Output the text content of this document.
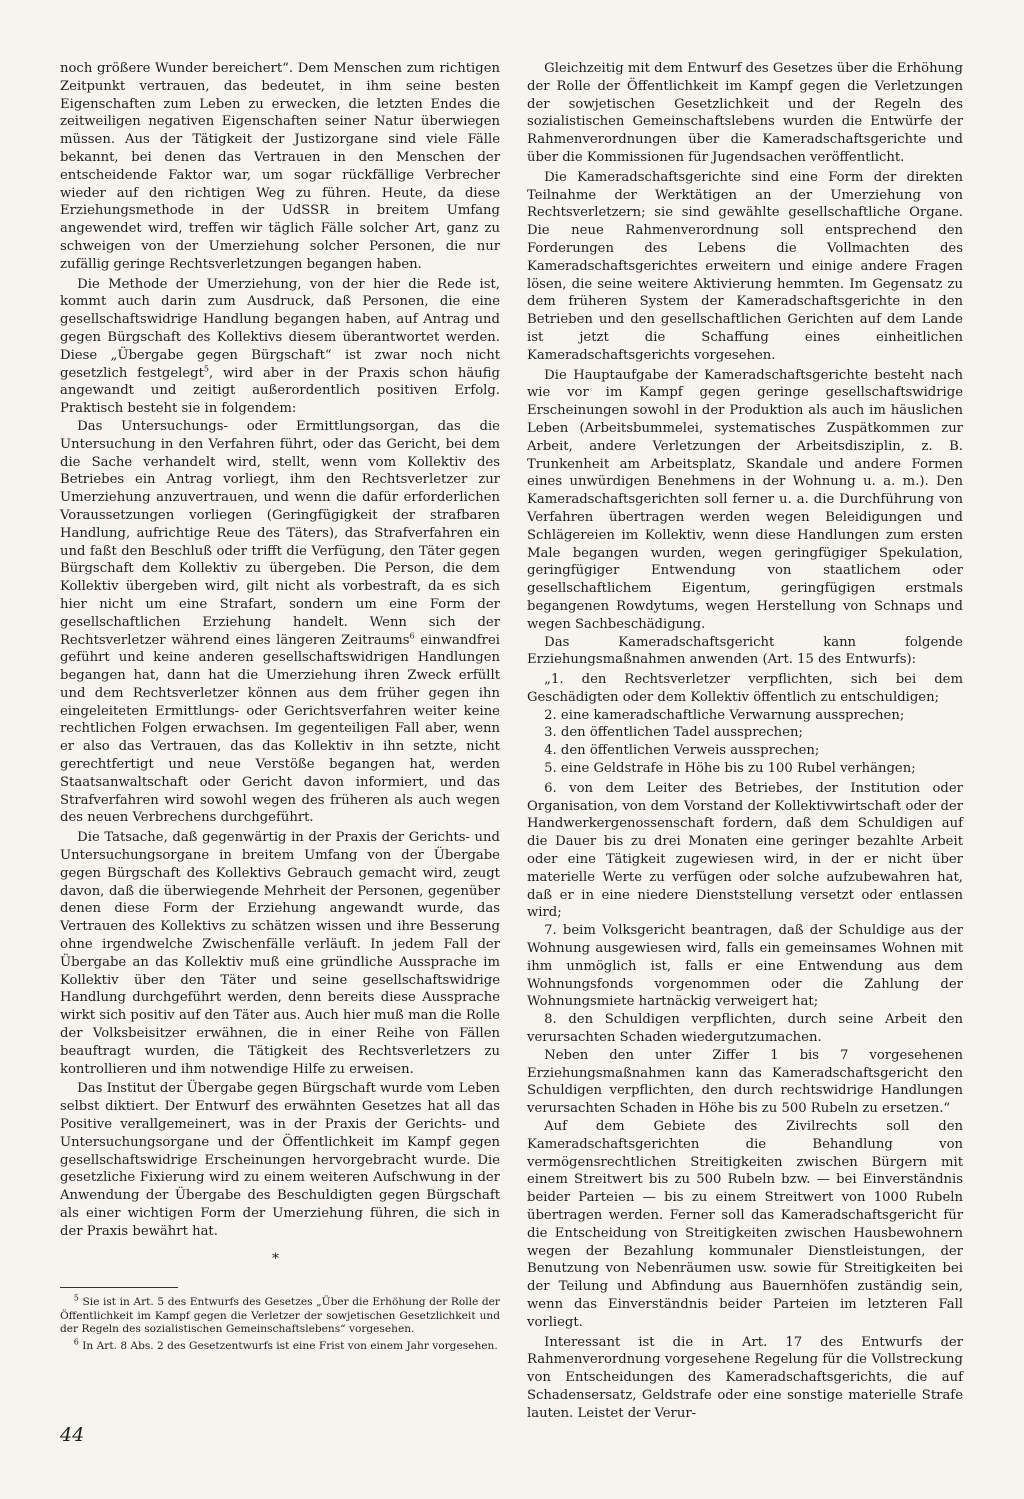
noch größere Wunder bereichert“. Dem Menschen zum richtigen Zeitpunkt vertrauen, das bedeutet, in ihm seine besten Eigenschaften zum Leben zu erwecken, die letzten Endes die zeitweiligen negativen Eigenschaften seiner Natur überwiegen müssen. Aus der Tätigkeit der Justizorgane sind viele Fälle bekannt, bei denen das Vertrauen in den Menschen der entscheidende Faktor war, um sogar rückfällige Verbrecher wieder auf den richtigen Weg zu führen. Heute, da diese Erziehungsmethode in der UdSSR in breitem Umfang angewendet wird, treffen wir täglich Fälle solcher Art, ganz zu schweigen von der Umerziehung solcher Personen, die nur zufällig geringe Rechtsverletzungen begangen haben.

Die Methode der Umerziehung, von der hier die Rede ist, kommt auch darin zum Ausdruck, daß Personen, die eine gesellschaftswidrige Handlung begangen haben, auf Antrag und gegen Bürgschaft des Kollektivs diesem überantwortet werden. Diese „Übergabe gegen Bürgschaft“ ist zwar noch nicht gesetzlich festgelegt$^5$, wird aber in der Praxis schon häufig angewandt und zeitigt außerordentlich positiven Erfolg. Praktisch besteht sie in folgendem:

Das Untersuchungs- oder Ermittlungsorgan, das die Untersuchung in den Verfahren führt, oder das Gericht, bei dem die Sache verhandelt wird, stellt, wenn vom Kollektiv des Betriebes ein Antrag vorliegt, ihm den Rechtsverletzer zur Umerziehung anzuvertrauen, und wenn die dafür erforderlichen Voraussetzungen vorliegen (Geringfügigkeit der strafbaren Handlung, aufrichtige Reue des Täters), das Strafverfahren ein und faßt den Beschluß oder trifft die Verfügung, den Täter gegen Bürgschaft dem Kollektiv zu übergeben. Die Person, die dem Kollektiv übergeben wird, gilt nicht als vorbestraft, da es sich hier nicht um eine Strafart, sondern um eine Form der gesellschaftlichen Erziehung handelt. Wenn sich der Rechtsverletzer während eines längeren Zeitraums$^6$ einwandfrei geführt und keine anderen gesellschaftswidrigen Handlungen begangen hat, dann hat die Umerziehung ihren Zweck erfüllt und dem Rechtsverletzer können aus dem früher gegen ihn eingeleiteten Ermittlungs- oder Gerichtsverfahren weiter keine rechtlichen Folgen erwachsen. Im gegenteiligen Fall aber, wenn er also das Vertrauen, das das Kollektiv in ihn setzte, nicht gerechtfertigt und neue Verstöße begangen hat, werden Staatsanwaltschaft oder Gericht davon informiert, und das Strafverfahren wird sowohl wegen des früheren als auch wegen des neuen Verbrechens durchgeführt.

Die Tatsache, daß gegenwärtig in der Praxis der Gerichts- und Untersuchungsorgane in breitem Umfang von der Übergabe gegen Bürgschaft des Kollektivs Gebrauch gemacht wird, zeugt davon, daß die überwiegende Mehrheit der Personen, gegenüber denen diese Form der Erziehung angewandt wurde, das Vertrauen des Kollektivs zu schätzen wissen und ihre Besserung ohne irgendwelche Zwischenfälle verläuft. In jedem Fall der Übergabe an das Kollektiv muß eine gründliche Aussprache im Kollektiv über den Täter und seine gesellschaftswidrige Handlung durchgeführt werden, denn bereits diese Aussprache wirkt sich positiv auf den Täter aus. Auch hier muß man die Rolle der Volksbeisitzer erwähnen, die in einer Reihe von Fällen beauftragt wurden, die Tätigkeit des Rechtsverletzers zu kontrollieren und ihm notwendige Hilfe zu erweisen.

Das Institut der Übergabe gegen Bürgschaft wurde vom Leben selbst diktiert. Der Entwurf des erwähnten Gesetzes hat all das Positive verallgemeinert, was in der Praxis der Gerichts- und Untersuchungsorgane und der Öffentlichkeit im Kampf gegen gesellschaftswidrige Erscheinungen hervorgebracht wurde. Die gesetzliche Fixierung wird zu einem weiteren Aufschwung in der Anwendung der Übergabe des Beschuldigten gegen Bürgschaft als einer wichtigen Form der Umerziehung führen, die sich in der Praxis bewährt hat.

*

$^5$ Sie ist in Art. 5 des Entwurfs des Gesetzes „Über die Erhöhung der Rolle der Öffentlichkeit im Kampf gegen die Verletzer der sowjetischen Gesetzlichkeit und der Regeln des sozialistischen Gemeinschaftslebens“ vorgesehen.

$^6$ In Art. 8 Abs. 2 des Gesetzentwurfs ist eine Frist von einem Jahr vorgesehen.

Gleichzeitig mit dem Entwurf des Gesetzes über die Erhöhung der Rolle der Öffentlichkeit im Kampf gegen die Verletzungen der sowjetischen Gesetzlichkeit und der Regeln des sozialistischen Gemeinschaftslebens wurden die Entwürfe der Rahmenverordnungen über die Kameradschaftsgerichte und über die Kommissionen für Jugendsachen veröffentlicht.

Die Kameradschaftsgerichte sind eine Form der direkten Teilnahme der Werktätigen an der Umerziehung von Rechtsverletzern; sie sind gewählte gesellschaftliche Organe. Die neue Rahmenverordnung soll entsprechend den Forderungen des Lebens die Vollmachten des Kameradschaftsgerichtes erweitern und einige andere Fragen lösen, die seine weitere Aktivierung hemmten. Im Gegensatz zu dem früheren System der Kameradschaftsgerichte in den Betrieben und den gesellschaftlichen Gerichten auf dem Lande ist jetzt die Schaffung eines einheitlichen Kameradschaftsgerichts vorgesehen.

Die Hauptaufgabe der Kameradschaftsgerichte besteht nach wie vor im Kampf gegen geringe gesellschaftswidrige Erscheinungen sowohl in der Produktion als auch im häuslichen Leben (Arbeitsbummelei, systematisches Zuspätkommen zur Arbeit, andere Verletzungen der Arbeitsdisziplin, z. B. Trunkenheit am Arbeitsplatz, Skandale und andere Formen eines unwürdigen Benehmens in der Wohnung u. a. m.). Den Kameradschaftsgerichten soll ferner u. a. die Durchführung von Verfahren übertragen werden wegen Beleidigungen und Schlägereien im Kollektiv, wenn diese Handlungen zum ersten Male begangen wurden, wegen geringfügiger Spekulation, geringfügiger Entwendung von staatlichem oder gesellschaftlichem Eigentum, geringfügigen erstmals begangenen Rowdytums, wegen Herstellung von Schnaps und wegen Sachbeschädigung.

Das Kameradschaftsgericht kann folgende Erziehungsmaßnahmen anwenden (Art. 15 des Entwurfs):

„1. den Rechtsverletzer verpflichten, sich bei dem Geschädigten oder dem Kollektiv öffentlich zu entschuldigen;

2. eine kameradschaftliche Verwarnung aussprechen;

3. den öffentlichen Tadel aussprechen;

4. den öffentlichen Verweis aussprechen;

5. eine Geldstrafe in Höhe bis zu 100 Rubel verhängen;

6. von dem Leiter des Betriebes, der Institution oder Organisation, von dem Vorstand der Kollektivwirtschaft oder der Handwerkergenossenschaft fordern, daß dem Schuldigen auf die Dauer bis zu drei Monaten eine geringer bezahlte Arbeit oder eine Tätigkeit zugewiesen wird, in der er nicht über materielle Werte zu verfügen oder solche aufzubewahren hat, daß er in eine niedere Dienststellung versetzt oder entlassen wird;

7. beim Volksgericht beantragen, daß der Schuldige aus der Wohnung ausgewiesen wird, falls ein gemeinsames Wohnen mit ihm unmöglich ist, falls er eine Entwendung aus dem Wohnungsfonds vorgenommen oder die Zahlung der Wohnungsmiete hartnäckig verweigert hat;

8. den Schuldigen verpflichten, durch seine Arbeit den verursachten Schaden wiedergutzumachen.

Neben den unter Ziffer 1 bis 7 vorgesehenen Erziehungsmaßnahmen kann das Kameradschaftsgericht den Schuldigen verpflichten, den durch rechtswidrige Handlungen verursachten Schaden in Höhe bis zu 500 Rubeln zu ersetzen.“

Auf dem Gebiete des Zivilrechts soll den Kameradschaftsgerichten die Behandlung von vermögensrechtlichen Streitigkeiten zwischen Bürgern mit einem Streitwert bis zu 500 Rubeln bzw. — bei Einverständnis beider Parteien — bis zu einem Streitwert von 1000 Rubeln übertragen werden. Ferner soll das Kameradschaftsgericht für die Entscheidung von Streitigkeiten zwischen Hausbewohnern wegen der Bezahlung kommunaler Dienstleistungen, der Benutzung von Nebenräumen usw. sowie für Streitigkeiten bei der Teilung und Abfindung aus Bauernhöfen zuständig sein, wenn das Einverständnis beider Parteien im letzteren Fall vorliegt.

Interessant ist die in Art. 17 des Entwurfs der Rahmenverordnung vorgesehene Regelung für die Vollstreckung von Entscheidungen des Kameradschaftsgerichts, die auf Schadensersatz, Geldstrafe oder eine sonstige materielle Strafe lauten. Leistet der Verur-

44
